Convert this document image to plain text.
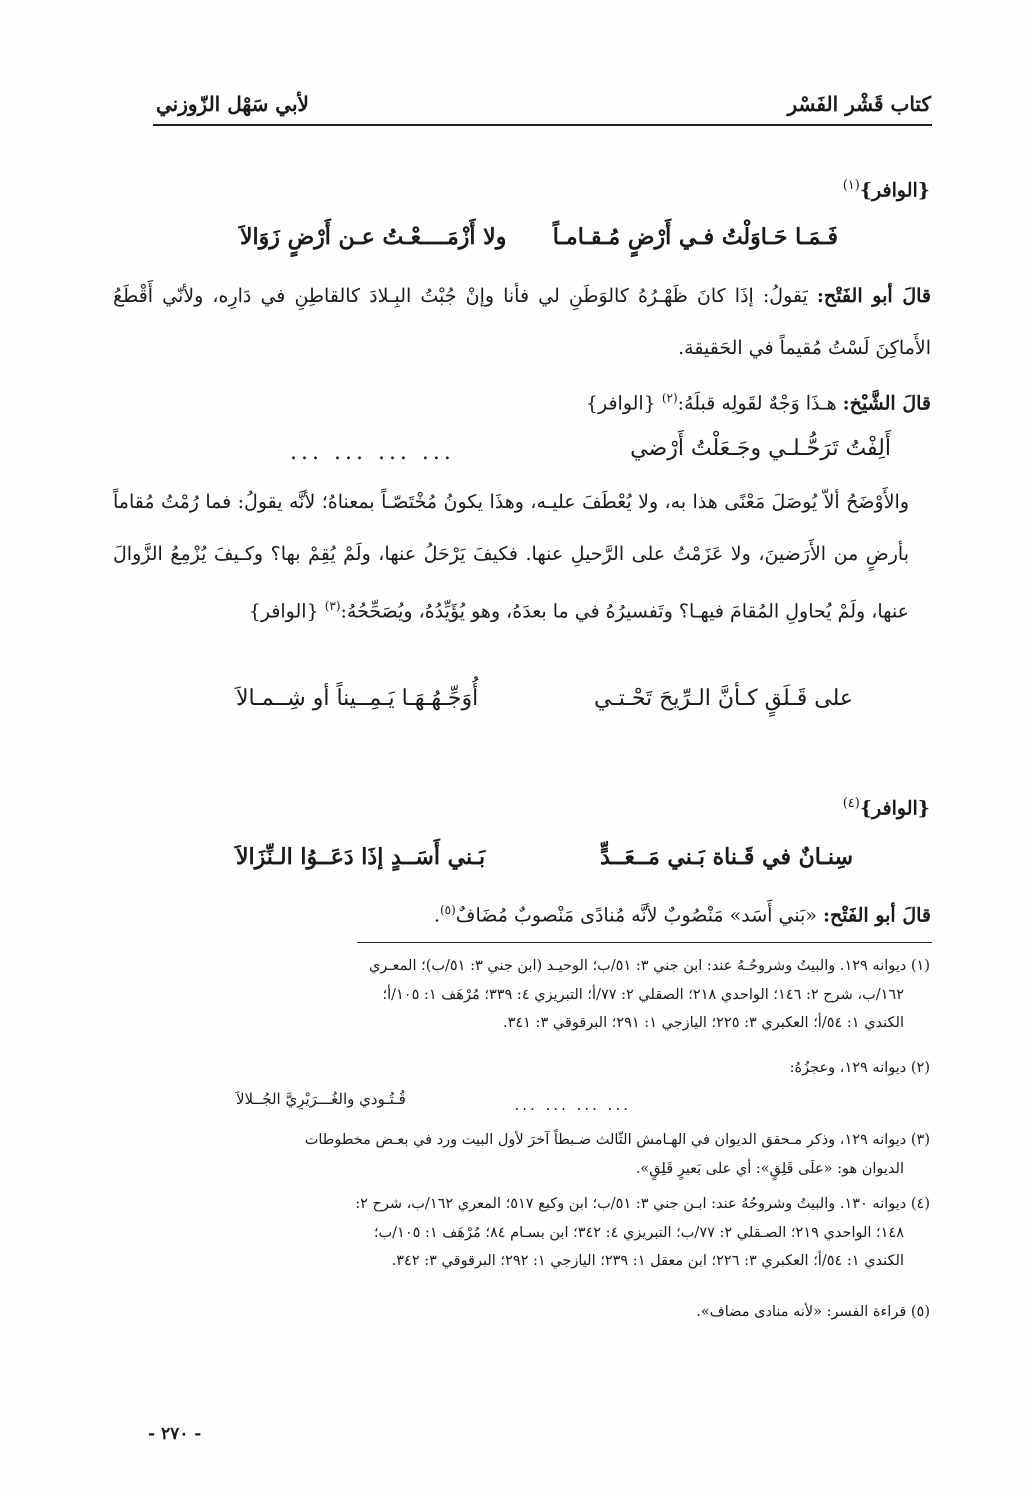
كتاب قَشْر الفَسْر
لأبي سَهْل الزّوزني
{الوافر}$^{(١)}$
فَـمَـا حَـاوَلْتُ فـي أَرْضٍ مُـقـامـاً
ولا أَزْمَــــعْـتُ عـن أَرْضٍ زَوَالاَ

قالَ أبو الفَتْح: يَقولُ: إذَا كانَ ظَهْـرُهُ كالوَطَنِ لي فأنا وإنْ جُبْتُ البِـلادَ كالقاطِنِ في دَارِه، ولأنّي أَقْطَعُ الأَماكِنَ لَسْتُ مُقيماً في الحَقيقة.

قالَ الشَّيْخ: هـذَا وَجْهٌ لقَولِه قبلَهُ:$^{(٢)}$ {الوافر}

أَلِفْتُ تَرَحُّـلـي وجَـعَلْتُ أَرْضي
... ... ... ...

والأَوْضَحُ ألاّ يُوصَلَ مَعْنًى هذا به، ولا يُعْطَفَ عليـه، وهذَا يكونُ مُخْتَصّـاً بمعناهُ؛ لأنَّه يقولُ: فما رُمْتُ مُقاماً بأرضٍ من الأَرَضينَ، ولا عَزَمْتُ على الرَّحيلِ عنها. فكيفَ يَرْحَلُ عنها، ولَمْ يُقِمْ بها؟ وكـيفَ يُزْمِعُ الزَّوالَ عنها، ولَمْ يُحاولِ المُقامَ فيهـا؟ وتَفسيرُهُ في ما بعدَهُ، وهو يُؤَيِّدُهُ، ويُصَحِّحُهُ:$^{(٣)}$ {الوافر}

على قَـلَقٍ كـأنَّ الـرِّيحَ تَحْـتـي
أُوَجِّـهُـهَـا يَـمِــيناً أو شِــمـالاَ
{الوافر}$^{(٤)}$
سِنـانٌ في قَـناة بَـني مَــعَــدٍّ
بَـني أَسَــدٍ إذَا دَعَــوُا الـنِّزَالاَ

قالَ أبو الفَتْح: «بَني أَسَد» مَنْصُوبٌ لأنَّه مُنادًى مَنْصوبٌ مُضَافٌ$^{(٥)}$.

(١) ديوانه ١٢٩. والبيتُ وشروحُـهُ عند: ابن جني ٣: ٥١/ب؛ الوحيـد (ابن جني ٣: ٥١/ب)؛ المعـري

١٦٢/ب، شرح ٢: ١٤٦؛ الواحدي ٢١٨؛ الصقلي ٢: ٧٧/أ؛ التبريزي ٤: ٣٣٩؛ مُرْهَف ١: ١٠٥/أ؛

الكندي ١: ٥٤/أ؛ العكبري ٣: ٢٢٥؛ اليازجي ١: ٢٩١؛ البرقوقي ٣: ٣٤١.

(٢) ديوانه ١٢٩، وعجزُهُ:

... ... ... ...
قُـتُـودي والغُـــرَيْرِيَّ الجُــلالاَ

(٣) ديوانه ١٢٩، وذكر مـحقق الديوان في الهـامش الثّالث ضـبطاً آخرَ لأول البيت ورد في بعـض مخطوطات

الديوان هو: «علَى قَلِقٍ»: أي على بَعيرٍ قَلِقٍ».

(٤) ديوانه ١٣٠. والبيتُ وشروحُهُ عند: ابـن جني ٣: ٥١/ب؛ ابن وكيع ٥١٧؛ المعري ١٦٢/ب، شرح ٢:

١٤٨؛ الواحدي ٢١٩؛ الصـقلي ٢: ٧٧/ب؛ التبريزي ٤: ٣٤٢؛ ابن بسـام ٨٤؛ مُرْهَف ١: ١٠٥/ب؛

الكندي ١: ٥٤/أ؛ العكبري ٣: ٢٢٦؛ ابن معقل ١: ٢٣٩؛ اليازجي ١: ٢٩٢؛ البرقوقي ٣: ٣٤٢.

(٥) قراءة الفسر: «لأنه منادى مضاف».

- ٢٧٠ -
